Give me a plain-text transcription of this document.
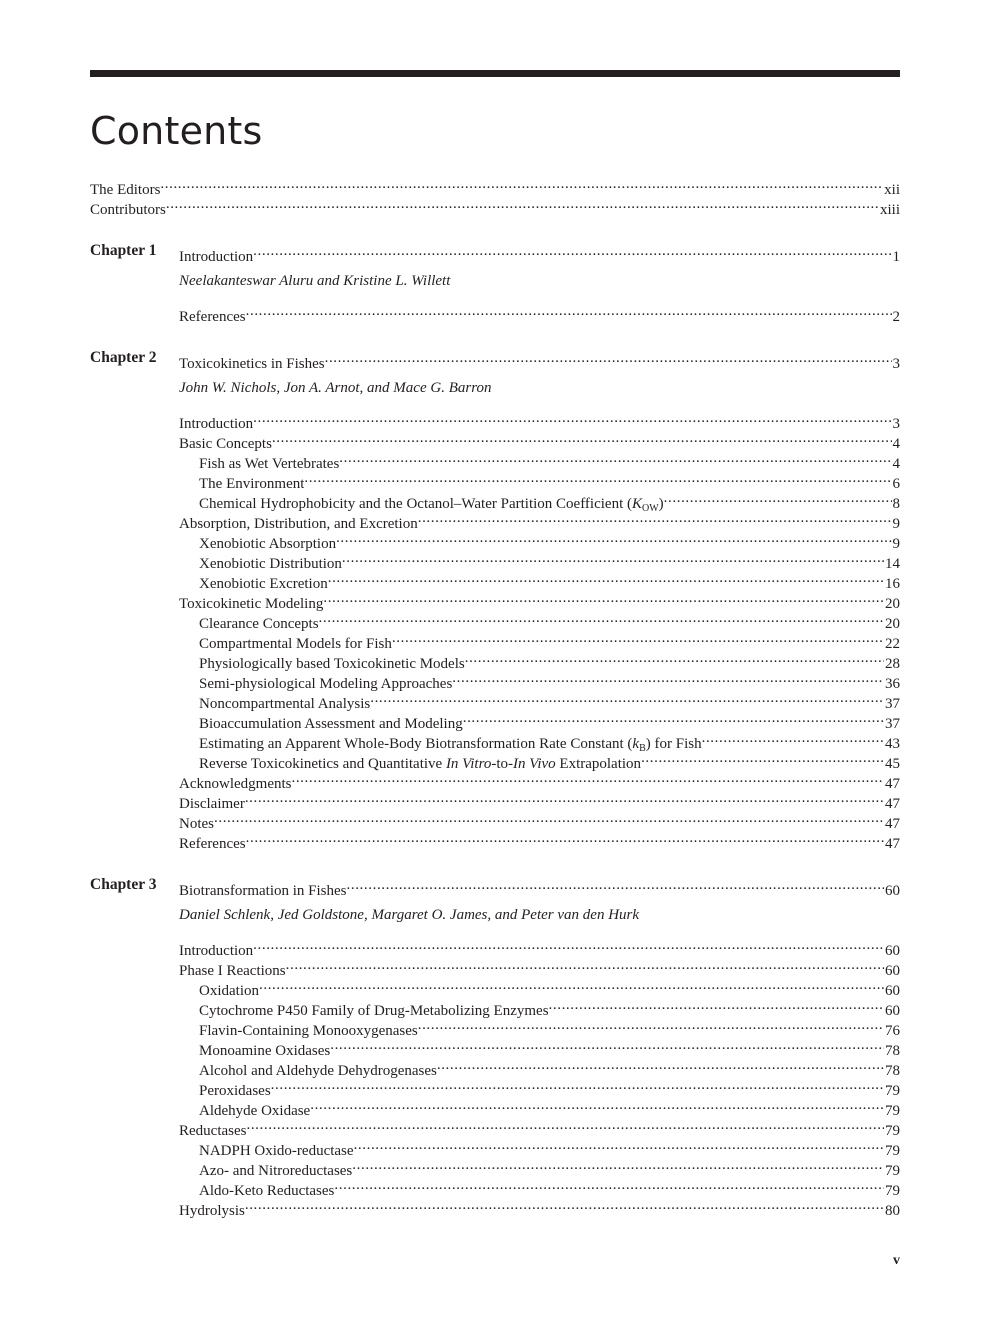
Contents
The Editors .....	xii
Contributors .....	xiii
Chapter 1 Introduction .....	1
Neelakanteswar Aluru and Kristine L. Willett
References .....	2
Chapter 2 Toxicokinetics in Fishes .....	3
John W. Nichols, Jon A. Arnot, and Mace G. Barron
Introduction .....	3
Basic Concepts .....	4
Fish as Wet Vertebrates .....	4
The Environment .....	6
Chemical Hydrophobicity and the Octanol–Water Partition Coefficient $(K_{OW})$ .....	8
Absorption, Distribution, and Excretion .....	9
Xenobiotic Absorption .....	9
Xenobiotic Distribution .....	14
Xenobiotic Excretion .....	16
Toxicokinetic Modeling .....	20
Clearance Concepts .....	20
Compartmental Models for Fish .....	22
Physiologically based Toxicokinetic Models .....	28
Semi-physiological Modeling Approaches .....	36
Noncompartmental Analysis .....	37
Bioaccumulation Assessment and Modeling .....	37
Estimating an Apparent Whole-Body Biotransformation Rate Constant $(k_B)$ for Fish .....	43
Reverse Toxicokinetics and Quantitative In Vitro-to-In Vivo Extrapolation .....	45
Acknowledgments .....	47
Disclaimer .....	47
Notes .....	47
References .....	47
Chapter 3 Biotransformation in Fishes .....	60
Daniel Schlenk, Jed Goldstone, Margaret O. James, and Peter van den Hurk
Introduction .....	60
Phase I Reactions .....	60
Oxidation .....	60
Cytochrome P450 Family of Drug-Metabolizing Enzymes .....	60
Flavin-Containing Monooxygenases .....	76
Monoamine Oxidases .....	78
Alcohol and Aldehyde Dehydrogenases .....	78
Peroxidases .....	79
Aldehyde Oxidase .....	79
Reductases .....	79
NADPH Oxido-reductase .....	79
Azo- and Nitroreductases .....	79
Aldo-Keto Reductases .....	79
Hydrolysis .....	80
v
